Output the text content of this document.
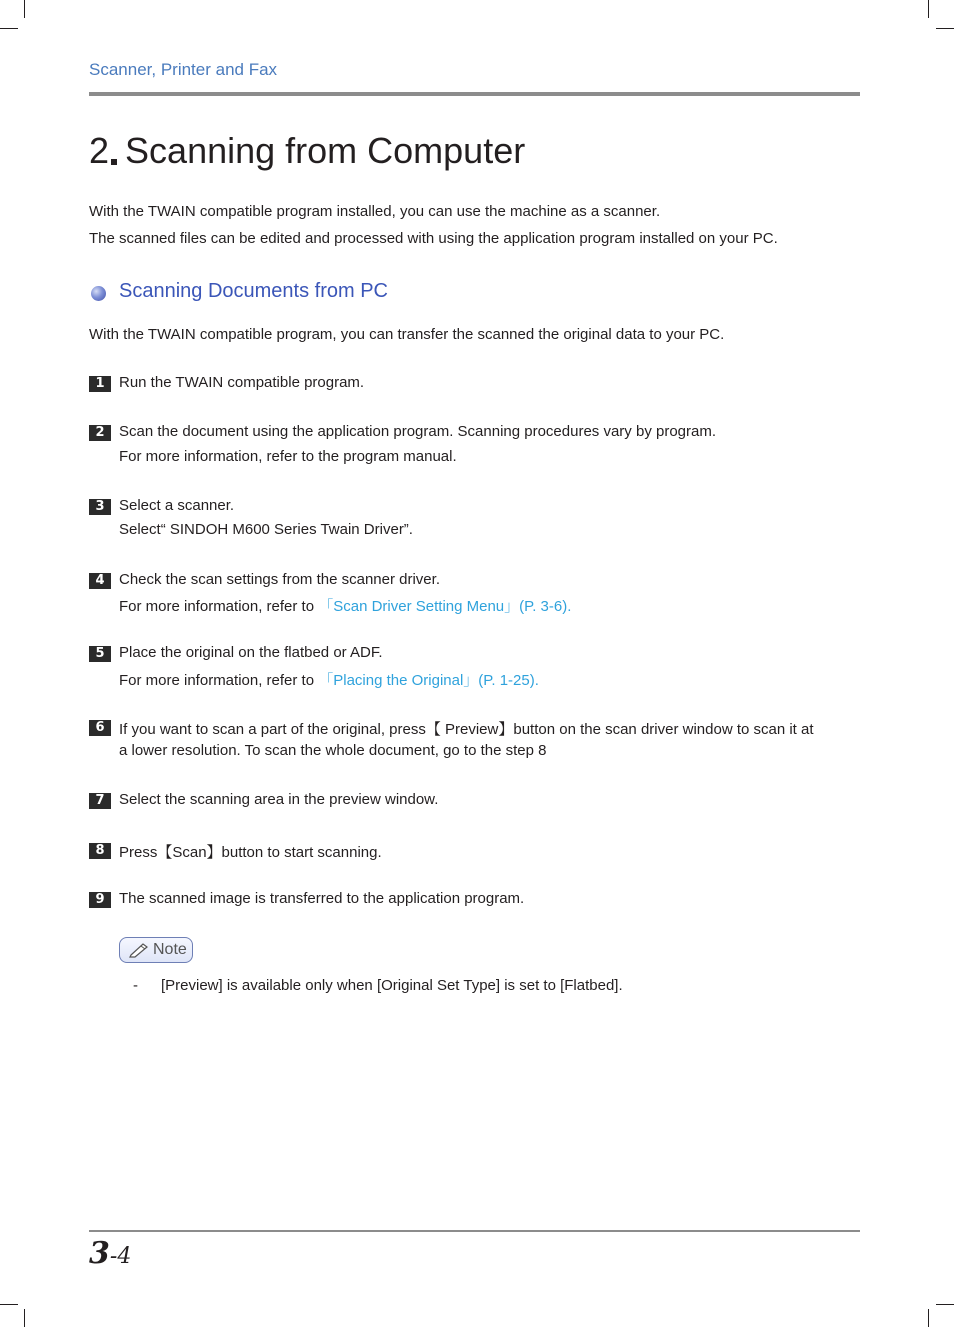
Scanner, Printer and Fax
2 Scanning from Computer
With the TWAIN compatible program installed, you can use the machine as a scanner.
The scanned files can be edited and processed with using the application program installed on your PC.
Scanning Documents from PC
With the TWAIN compatible program, you can transfer the scanned the original data to your PC.
1 Run the TWAIN compatible program.
2 Scan the document using the application program. Scanning procedures vary by program.
For more information, refer to the program manual.
3 Select a scanner.
Select“ SINDOH M600 Series Twain Driver”.
4 Check the scan settings from the scanner driver.
For more information, refer to 「Scan Driver Setting Menu」(P. 3-6).
5 Place the original on the flatbed or ADF.
For more information, refer to 「Placing the Original」(P. 1-25).
6 If you want to scan a part of the original, press【 Preview】button on the scan driver window to scan it at
a lower resolution. To scan the whole document, go to the step 8
7 Select the scanning area in the preview window.
8 Press【Scan】button to start scanning.
9 The scanned image is transferred to the application program.
Note
- [Preview] is available only when [Original Set Type] is set to [Flatbed].
3-4
